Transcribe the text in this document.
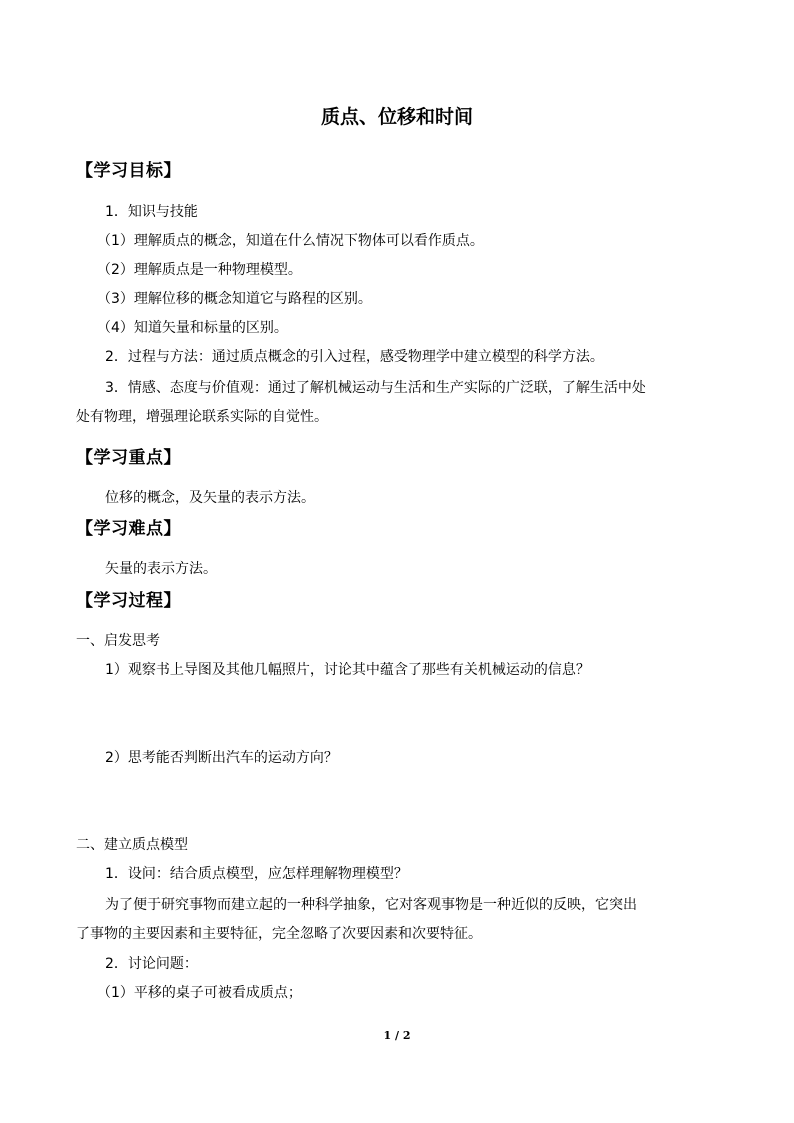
质点、位移和时间
【学习目标】
1．知识与技能
（1）理解质点的概念，知道在什么情况下物体可以看作质点。
（2）理解质点是一种物理模型。
（3）理解位移的概念知道它与路程的区别。
（4）知道矢量和标量的区别。
2．过程与方法：通过质点概念的引入过程，感受物理学中建立模型的科学方法。
3．情感、态度与价值观：通过了解机械运动与生活和生产实际的广泛联，了解生活中处
处有物理，增强理论联系实际的自觉性。
【学习重点】
位移的概念，及矢量的表示方法。
【学习难点】
矢量的表示方法。
【学习过程】
一、启发思考
1）观察书上导图及其他几幅照片，讨论其中蕴含了那些有关机械运动的信息？
2）思考能否判断出汽车的运动方向？
二、建立质点模型
1．设问：结合质点模型，应怎样理解物理模型？
为了便于研究事物而建立起的一种科学抽象，它对客观事物是一种近似的反映，它突出
了事物的主要因素和主要特征，完全忽略了次要因素和次要特征。
2．讨论问题：
（1）平移的桌子可被看成质点；
1 / 2
